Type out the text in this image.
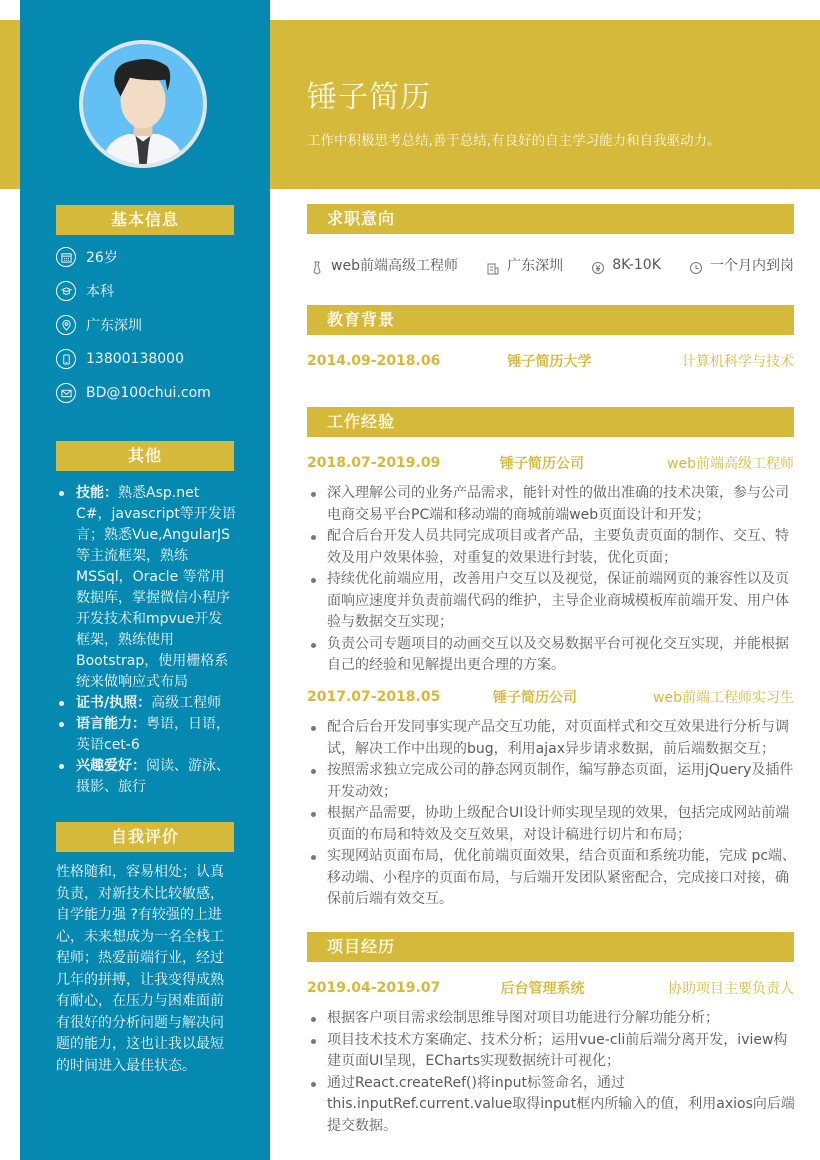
锤子简历
工作中积极思考总结,善于总结,有良好的自主学习能力和自我驱动力。
基本信息
26岁
本科
广东深圳
13800138000
BD@100chui.com
其他
技能：熟悉Asp.net C#，javascript等开发语言；熟悉Vue,AngularJS等主流框架，熟练MSSql，Oracle 等常用数据库，掌握微信小程序开发技术和mpvue开发框架，熟练使用Bootstrap，使用栅格系统来做响应式布局
证书/执照：高级工程师
语言能力：粤语，日语，英语cet-6
兴趣爱好：阅读、游泳、摄影、旅行
自我评价
性格随和，容易相处；认真负责，对新技术比较敏感，自学能力强 ?有较强的上进心，未来想成为一名全栈工程师；热爱前端行业，经过几年的拼搏，让我变得成熟有耐心，在压力与困难面前有很好的分析问题与解决问题的能力，这也让我以最短的时间进入最佳状态。
求职意向
web前端高级工程师	广东深圳	8K-10K	一个月内到岗
教育背景
2014.09-2018.06	锤子简历大学	计算机科学与技术
工作经验
2018.07-2019.09	锤子简历公司	web前端高级工程师
深入理解公司的业务产品需求，能针对性的做出准确的技术决策，参与公司电商交易平台PC端和移动端的商城前端web页面设计和开发；
配合后台开发人员共同完成项目或者产品，主要负责页面的制作、交互、特效及用户效果体验，对重复的效果进行封装，优化页面；
持续优化前端应用，改善用户交互以及视觉，保证前端网页的兼容性以及页面响应速度并负责前端代码的维护，主导企业商城模板库前端开发、用户体验与数据交互实现；
负责公司专题项目的动画交互以及交易数据平台可视化交互实现，并能根据自己的经验和见解提出更合理的方案。
2017.07-2018.05	锤子简历公司	web前端工程师实习生
配合后台开发同事实现产品交互功能，对页面样式和交互效果进行分析与调试，解决工作中出现的bug，利用ajax异步请求数据，前后端数据交互；
按照需求独立完成公司的静态网页制作，编写静态页面，运用jQuery及插件开发动效；
根据产品需要，协助上级配合UI设计师实现呈现的效果，包括完成网站前端页面的布局和特效及交互效果，对设计稿进行切片和布局；
实现网站页面布局，优化前端页面效果，结合页面和系统功能，完成 pc端、移动端、小程序的页面布局，与后端开发团队紧密配合，完成接口对接，确保前后端有效交互。
项目经历
2019.04-2019.07	后台管理系统	协助项目主要负责人
根据客户项目需求绘制思维导图对项目功能进行分解功能分析；
项目技术技术方案确定、技术分析；运用vue-cli前后端分离开发，iview构建页面UI呈现，ECharts实现数据统计可视化；
通过React.createRef()将input标签命名，通过this.inputRef.current.value取得input框内所输入的值，利用axios向后端提交数据。
